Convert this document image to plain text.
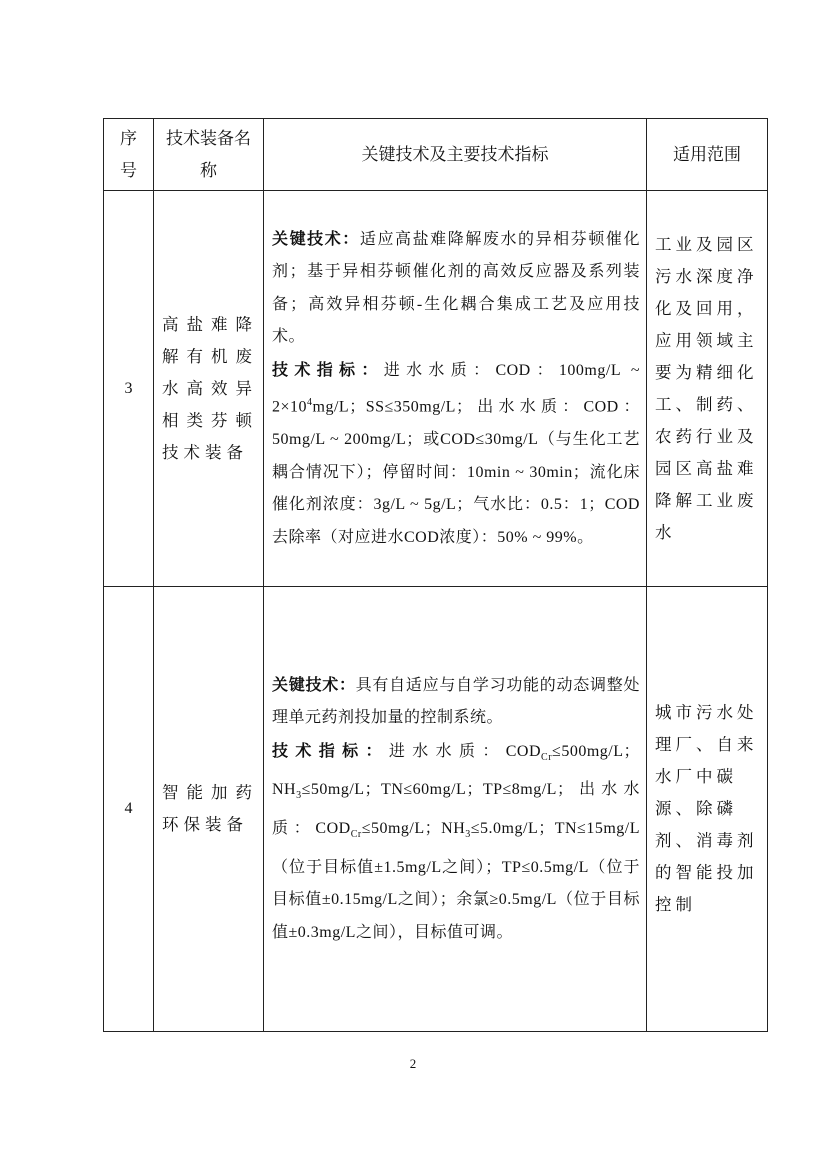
序号	技术装备名称	关键技术及主要技术指标	适用范围
3	高盐难降解有机废水高效异相类芬顿技术装备	关键技术：适应高盐难降解废水的异相芬顿催化剂；基于异相芬顿催化剂的高效反应器及系列装备；高效异相芬顿-生化耦合集成工艺及应用技术。

技术指标：进水水质：COD：100mg/L ~ $2\times 10^4mg/L$；SS≤350mg/L；出水水质：COD：50mg/L ~ 200mg/L；或COD≤30mg/L（与生化工艺耦合情况下）；停留时间：10min ~ 30min；流化床催化剂浓度：3g/L ~ 5g/L；气水比：0.5：1；COD去除率（对应进水COD浓度）：50% ~ 99%。	工业及园区污水深度净化及回用，应用领域主要为精细化工、制药、农药行业及园区高盐难降解工业废水
4	智能加药环保装备	关键技术：具有自适应与自学习功能的动态调整处理单元药剂投加量的控制系统。

技术指标：进水水质：$COD_{Cr}\le 500mg/L$；$NH_3\le 50mg/L$；TN≤60mg/L；TP≤8mg/L；出水水质：$COD_{Cr}\le 50mg/L$；$NH_3\le 5.0mg/L$；TN≤15mg/L（位于目标值±1.5mg/L之间）；TP≤0.5mg/L（位于目标值±0.15mg/L之间）；余氯≥0.5mg/L（位于目标值±0.3mg/L之间），目标值可调。	城市污水处理厂、自来水厂中碳源、除磷剂、消毒剂的智能投加控制
2
